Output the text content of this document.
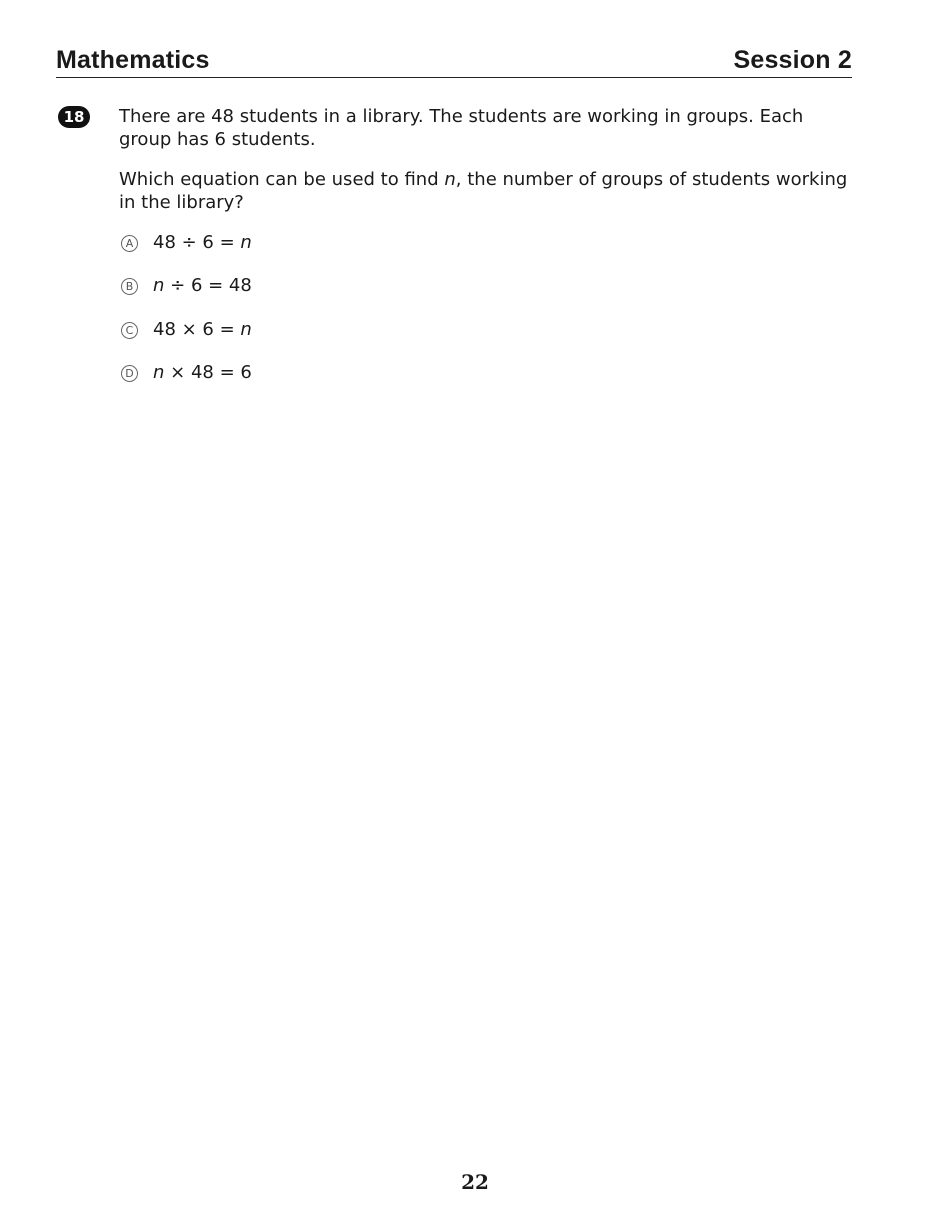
Mathematics	Session 2
18	There are 48 students in a library. The students are working in groups. Each group has 6 students.

Which equation can be used to find n, the number of groups of students working in the library?

A 48 ÷ 6 = n
B n ÷ 6 = 48
C 48 × 6 = n
D n × 48 = 6
22
